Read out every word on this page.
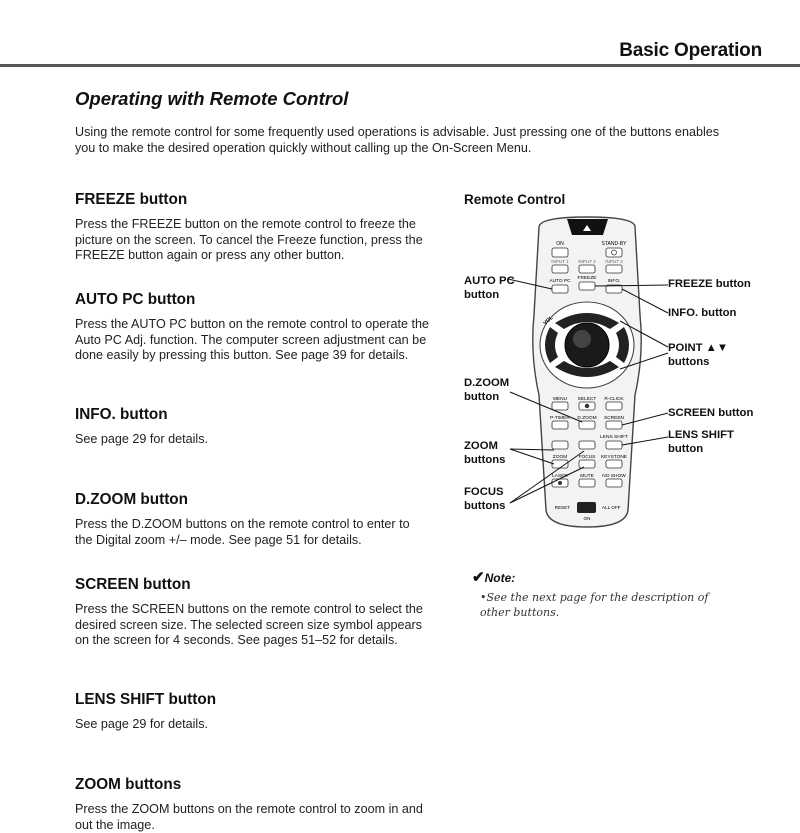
Basic Operation
Operating with Remote Control
Using the remote control for some frequently used operations is advisable. Just pressing one of the buttons enables you to make the desired operation quickly without calling up the On-Screen Menu.
FREEZE button

Press the FREEZE button on the remote control to freeze the picture on the screen. To cancel the Freeze function, press the FREEZE button again or press any other button.

AUTO PC button

Press the AUTO PC button on the remote control to operate the Auto PC Adj. function. The computer screen adjustment can be done easily by pressing this button. See page 39 for details.

INFO. button

See page 29 for details.

D.ZOOM button

Press the D.ZOOM buttons on the remote control to enter to the Digital zoom +/– mode. See page 51 for details.

SCREEN button

Press the SCREEN buttons on the remote control to select the desired screen size. The selected screen size symbol appears on the screen for 4 seconds. See pages 51–52 for details.

LENS SHIFT button

See page 29 for details.

ZOOM buttons

Press the ZOOM buttons on the remote control to zoom in and out the image.

Remote Control
ON	STAND-BY
INPUT 1 INPUT 2 INPUT 3
AUTO PC
FREEZE
INFO.
VOL
MENU SELECT R-CLICK
P-TIMER D.ZOOM SCREEN
LENS SHIFT
ZOOM FOCUS KEYSTONE
LASER	MUTE NO SHOW
RESET	ALL OFF
ON
AUTO PC button
FREEZE button
INFO. button
POINT ▲▼ buttons
D.ZOOM button
SCREEN button
LENS SHIFT button
ZOOM buttons
FOCUS buttons
✔Note:
•See the next page for the description of other buttons.
